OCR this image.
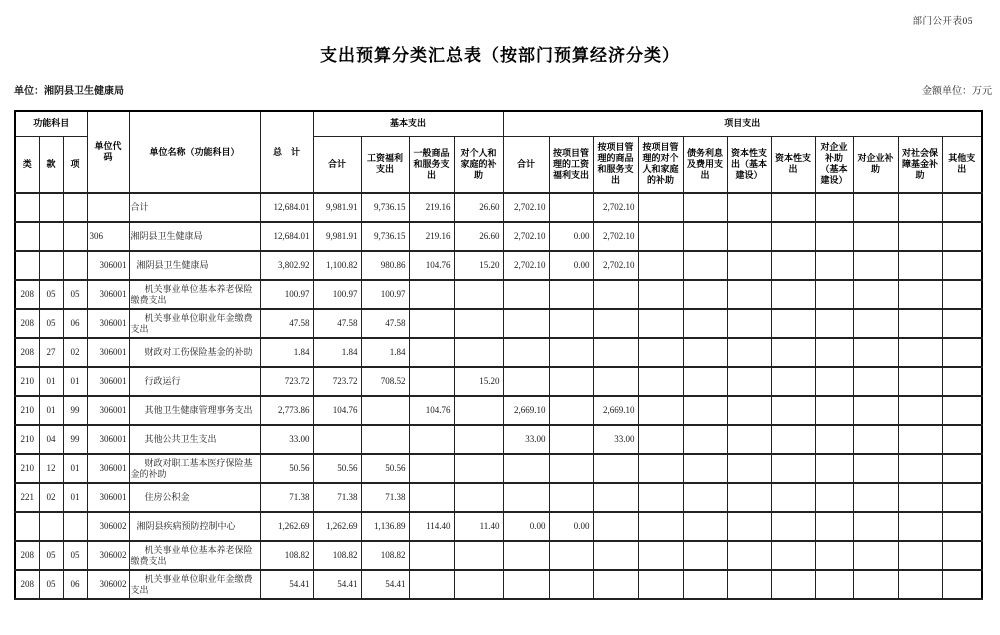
部门公开表05
支出预算分类汇总表（按部门预算经济分类）
单位：湘阴县卫生健康局	金额单位：万元
功能科目			单位代码	单位名称（功能科目）	总　计	基本支出				项目支出										
类	款	项				合计	工资福利支出	一般商品和服务支出	对个人和家庭的补助	合计	按项目管理的工资福利支出	按项目管理的商品和服务支出	按项目管理的对个人和家庭的补助	债务利息及费用支出	资本性支出（基本建设）	资本性支出	对企业补助（基本建设）	对企业补助	对社会保障基金补助	其他支出
				合计	12,684.01	9,981.91	9,736.15	219.16	26.60	2,702.10		2,702.10								
			306	湘阴县卫生健康局	12,684.01	9,981.91	9,736.15	219.16	26.60	2,702.10	0.00	2,702.10								
			306001	湘阴县卫生健康局	3,802.92	1,100.82	980.86	104.76	15.20	2,702.10	0.00	2,702.10								
208	05	05	306001	机关事业单位基本养老保险缴费支出	100.97	100.97	100.97													
208	05	06	306001	机关事业单位职业年金缴费支出	47.58	47.58	47.58													
208	27	02	306001	财政对工伤保险基金的补助	1.84	1.84	1.84													
210	01	01	306001	行政运行	723.72	723.72	708.52		15.20											
210	01	99	306001	其他卫生健康管理事务支出	2,773.86	104.76		104.76		2,669.10		2,669.10								
210	04	99	306001	其他公共卫生支出	33.00					33.00		33.00								
210	12	01	306001	财政对职工基本医疗保险基金的补助	50.56	50.56	50.56													
221	02	01	306001	住房公积金	71.38	71.38	71.38													
			306002	湘阴县疾病预防控制中心	1,262.69	1,262.69	1,136.89	114.40	11.40	0.00	0.00									
208	05	05	306002	机关事业单位基本养老保险缴费支出	108.82	108.82	108.82													
208	05	06	306002	机关事业单位职业年金缴费支出	54.41	54.41	54.41													
